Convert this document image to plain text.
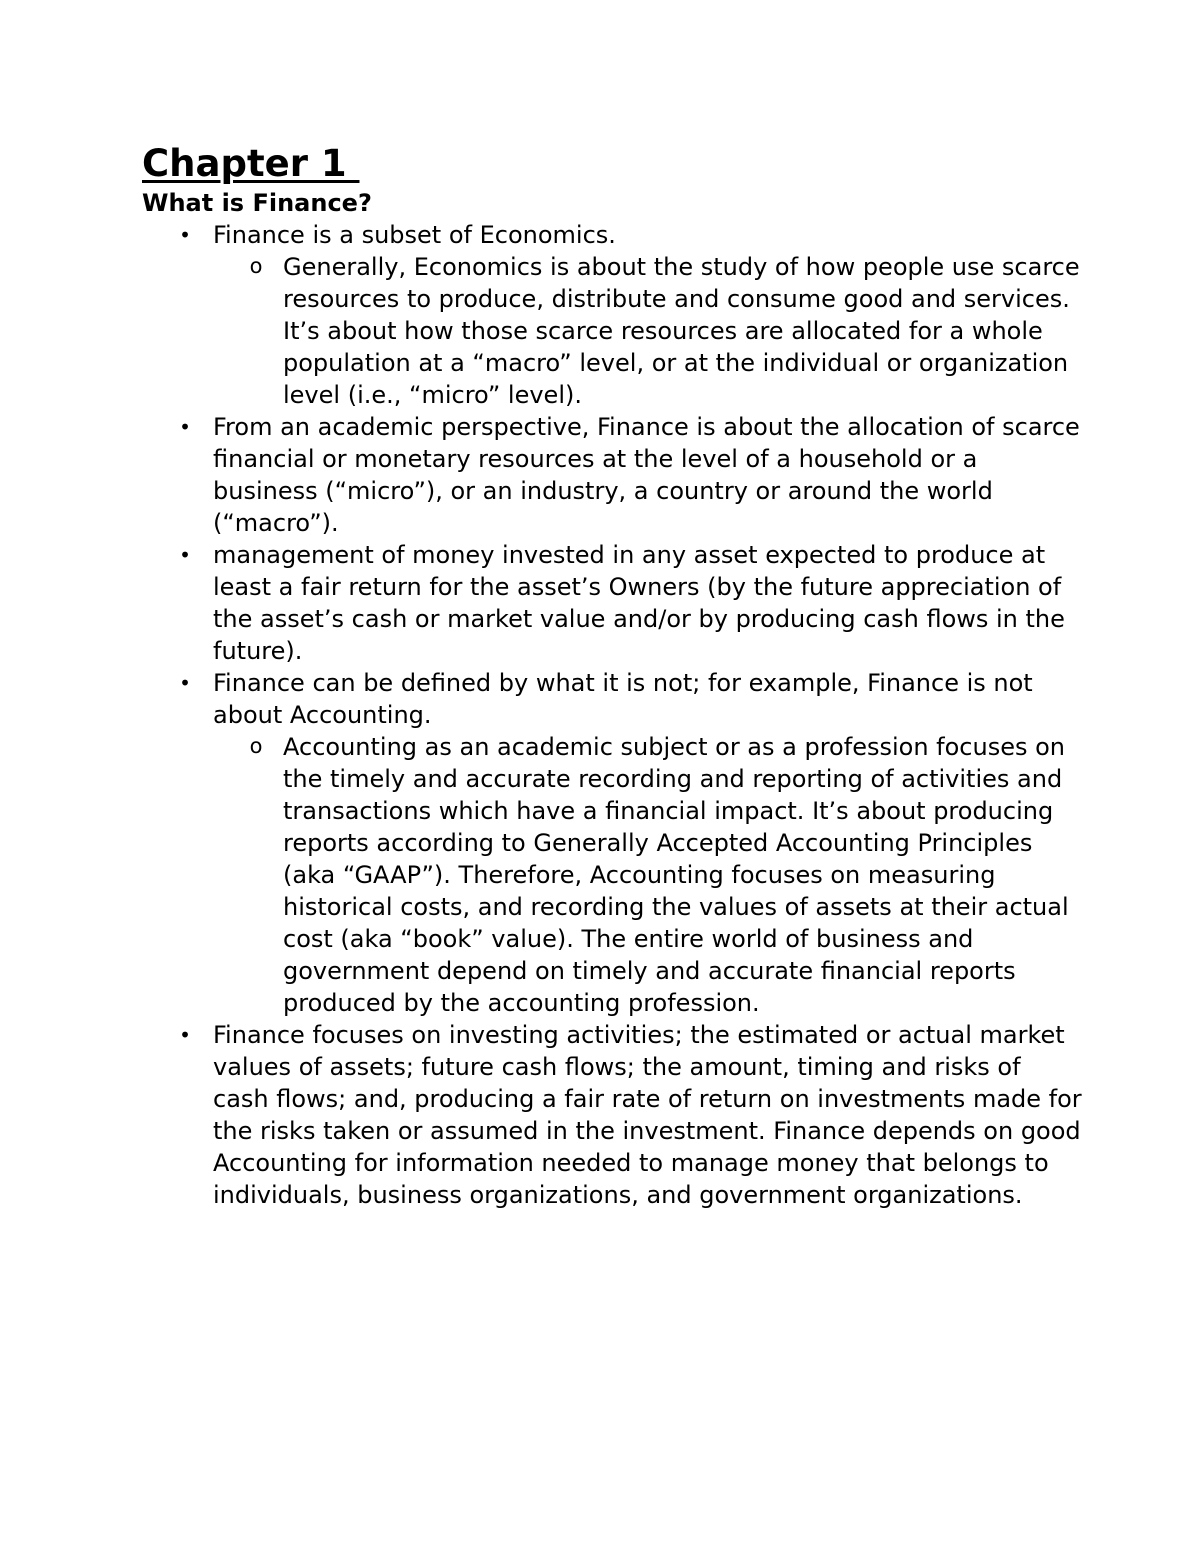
Chapter 1
What is Finance?
• Finance is a subset of Economics.
o Generally, Economics is about the study of how people use scarce resources to produce, distribute and consume good and services. It’s about how those scarce resources are allocated for a whole population at a “macro” level, or at the individual or organization level (i.e., “micro” level).
• From an academic perspective, Finance is about the allocation of scarce financial or monetary resources at the level of a household or a business (“micro”), or an industry, a country or around the world (“macro”).
• management of money invested in any asset expected to produce at least a fair return for the asset’s Owners (by the future appreciation of the asset’s cash or market value and/or by producing cash flows in the future).
• Finance can be defined by what it is not; for example, Finance is not about Accounting.
o Accounting as an academic subject or as a profession focuses on the timely and accurate recording and reporting of activities and transactions which have a financial impact. It’s about producing reports according to Generally Accepted Accounting Principles (aka “GAAP”). Therefore, Accounting focuses on measuring historical costs, and recording the values of assets at their actual cost (aka “book” value). The entire world of business and government depend on timely and accurate financial reports produced by the accounting profession.
• Finance focuses on investing activities; the estimated or actual market values of assets; future cash flows; the amount, timing and risks of cash flows; and, producing a fair rate of return on investments made for the risks taken or assumed in the investment. Finance depends on good Accounting for information needed to manage money that belongs to individuals, business organizations, and government organizations.
